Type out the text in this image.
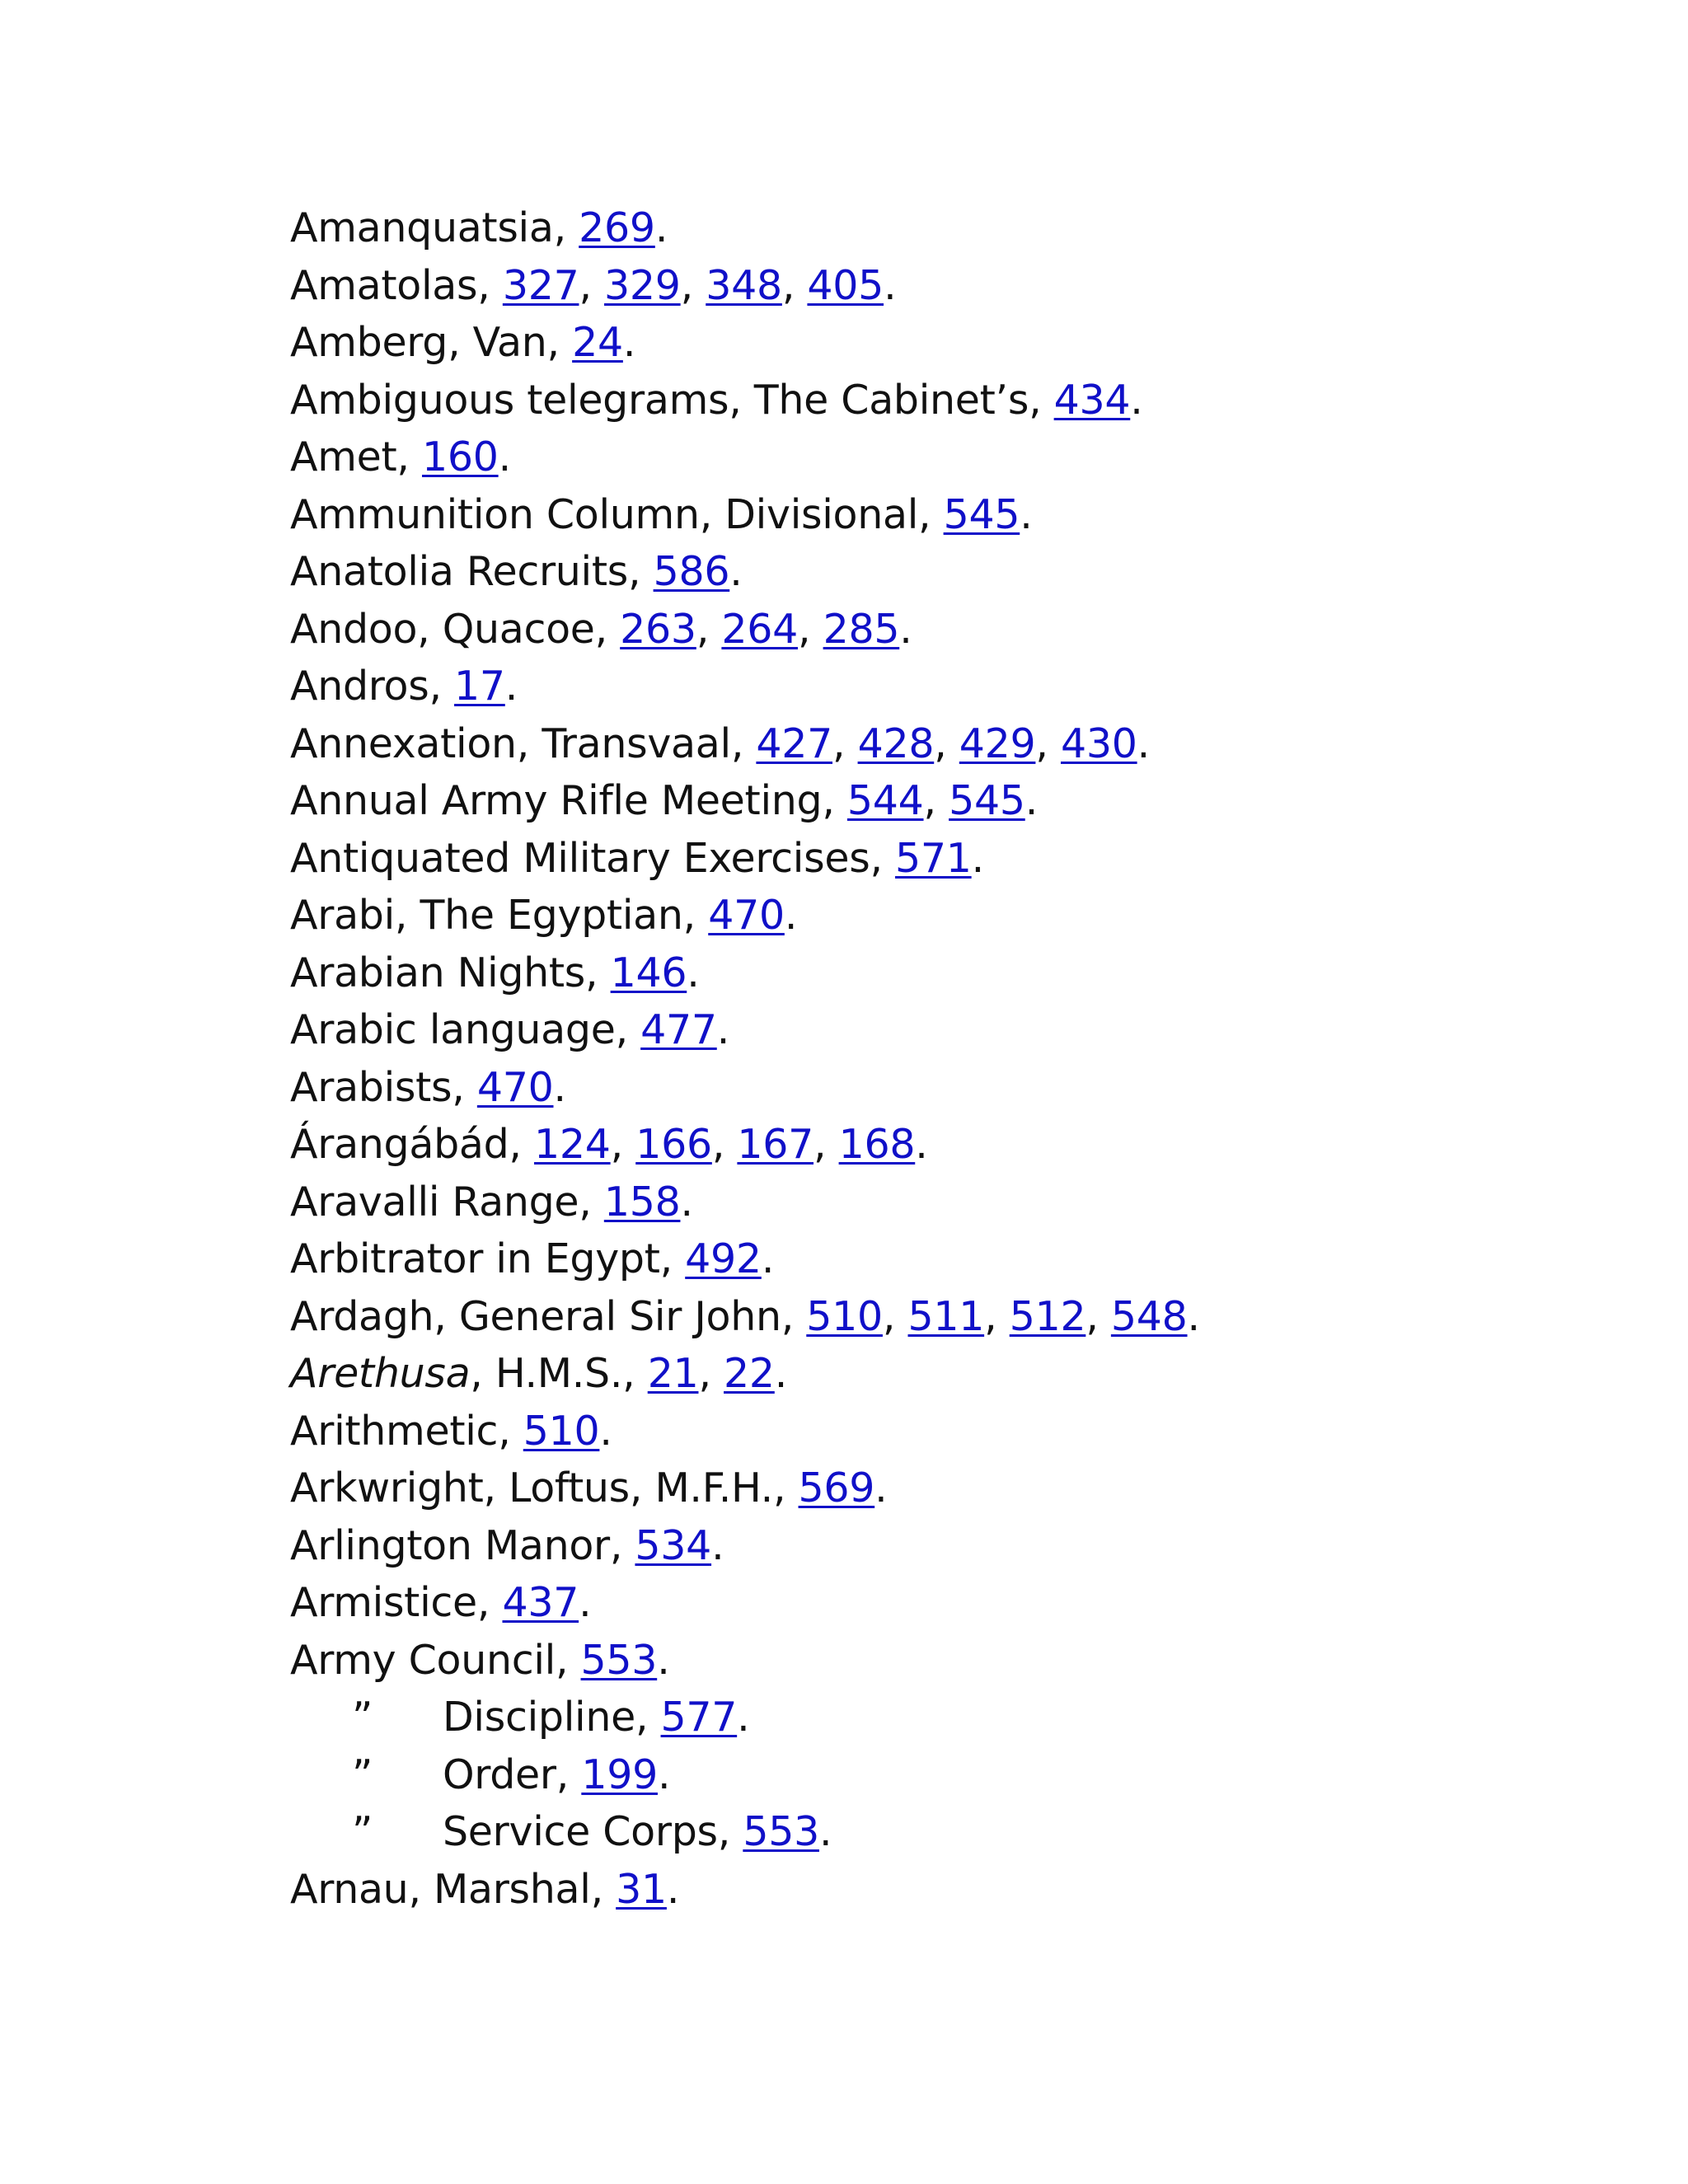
Amanquatsia, 269.
Amatolas, 327, 329, 348, 405.
Amberg, Van, 24.
Ambiguous telegrams, The Cabinet’s, 434.
Amet, 160.
Ammunition Column, Divisional, 545.
Anatolia Recruits, 586.
Andoo, Quacoe, 263, 264, 285.
Andros, 17.
Annexation, Transvaal, 427, 428, 429, 430.
Annual Army Rifle Meeting, 544, 545.
Antiquated Military Exercises, 571.
Arabi, The Egyptian, 470.
Arabian Nights, 146.
Arabic language, 477.
Arabists, 470.
Árangábád, 124, 166, 167, 168.
Aravalli Range, 158.
Arbitrator in Egypt, 492.
Ardagh, General Sir John, 510, 511, 512, 548.
Arethusa, H.M.S., 21, 22.
Arithmetic, 510.
Arkwright, Loftus, M.F.H., 569.
Arlington Manor, 534.
Armistice, 437.
Army Council, 553.
” Discipline, 577.
” Order, 199.
” Service Corps, 553.
Arnau, Marshal, 31.
